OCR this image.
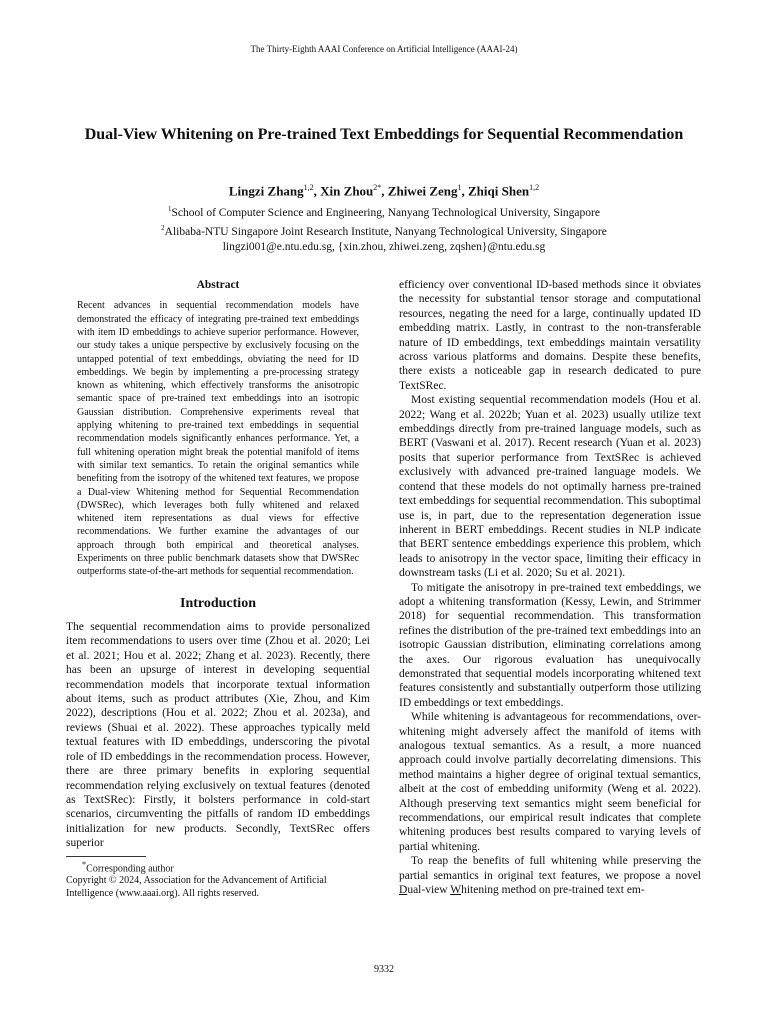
The Thirty-Eighth AAAI Conference on Artificial Intelligence (AAAI-24)
Dual-View Whitening on Pre-trained Text Embeddings for Sequential Recommendation

Lingzi Zhang$^{1,2}$, Xin Zhou$^{2*}$, Zhiwei Zeng$^1$, Zhiqi Shen$^{1,2}$

$^1$School of Computer Science and Engineering, Nanyang Technological University, Singapore
$^2$Alibaba-NTU Singapore Joint Research Institute, Nanyang Technological University, Singapore
lingzi001@e.ntu.edu.sg, {xin.zhou, zhiwei.zeng, zqshen}@ntu.edu.sg
Abstract

Recent advances in sequential recommendation models have demonstrated the efficacy of integrating pre-trained text embeddings with item ID embeddings to achieve superior performance. However, our study takes a unique perspective by exclusively focusing on the untapped potential of text embeddings, obviating the need for ID embeddings. We begin by implementing a pre-processing strategy known as whitening, which effectively transforms the anisotropic semantic space of pre-trained text embeddings into an isotropic Gaussian distribution. Comprehensive experiments reveal that applying whitening to pre-trained text embeddings in sequential recommendation models significantly enhances performance. Yet, a full whitening operation might break the potential manifold of items with similar text semantics. To retain the original semantics while benefiting from the isotropy of the whitened text features, we propose a Dual-view Whitening method for Sequential Recommendation (DWSRec), which leverages both fully whitened and relaxed whitened item representations as dual views for effective recommendations. We further examine the advantages of our approach through both empirical and theoretical analyses. Experiments on three public benchmark datasets show that DWSRec outperforms state-of-the-art methods for sequential recommendation.

Introduction

The sequential recommendation aims to provide personalized item recommendations to users over time (Zhou et al. 2020; Lei et al. 2021; Hou et al. 2022; Zhang et al. 2023). Recently, there has been an upsurge of interest in developing sequential recommendation models that incorporate textual information about items, such as product attributes (Xie, Zhou, and Kim 2022), descriptions (Hou et al. 2022; Zhou et al. 2023a), and reviews (Shuai et al. 2022). These approaches typically meld textual features with ID embeddings, underscoring the pivotal role of ID embeddings in the recommendation process. However, there are three primary benefits in exploring sequential recommendation relying exclusively on textual features (denoted as TextSRec): Firstly, it bolsters performance in cold-start scenarios, circumventing the pitfalls of random ID embeddings initialization for new products. Secondly, TextSRec offers superior

*Corresponding author

Copyright © 2024, Association for the Advancement of Artificial Intelligence (www.aaai.org). All rights reserved.

efficiency over conventional ID-based methods since it obviates the necessity for substantial tensor storage and computational resources, negating the need for a large, continually updated ID embedding matrix. Lastly, in contrast to the non-transferable nature of ID embeddings, text embeddings maintain versatility across various platforms and domains. Despite these benefits, there exists a noticeable gap in research dedicated to pure TextSRec.

Most existing sequential recommendation models (Hou et al. 2022; Wang et al. 2022b; Yuan et al. 2023) usually utilize text embeddings directly from pre-trained language models, such as BERT (Vaswani et al. 2017). Recent research (Yuan et al. 2023) posits that superior performance from TextSRec is achieved exclusively with advanced pre-trained language models. We contend that these models do not optimally harness pre-trained text embeddings for sequential recommendation. This suboptimal use is, in part, due to the representation degeneration issue inherent in BERT embeddings. Recent studies in NLP indicate that BERT sentence embeddings experience this problem, which leads to anisotropy in the vector space, limiting their efficacy in downstream tasks (Li et al. 2020; Su et al. 2021).

To mitigate the anisotropy in pre-trained text embeddings, we adopt a whitening transformation (Kessy, Lewin, and Strimmer 2018) for sequential recommendation. This transformation refines the distribution of the pre-trained text embeddings into an isotropic Gaussian distribution, eliminating correlations among the axes. Our rigorous evaluation has unequivocally demonstrated that sequential models incorporating whitened text features consistently and substantially outperform those utilizing ID embeddings or text embeddings.

While whitening is advantageous for recommendations, over-whitening might adversely affect the manifold of items with analogous textual semantics. As a result, a more nuanced approach could involve partially decorrelating dimensions. This method maintains a higher degree of original textual semantics, albeit at the cost of embedding uniformity (Weng et al. 2022). Although preserving text semantics might seem beneficial for recommendations, our empirical result indicates that complete whitening produces best results compared to varying levels of partial whitening.

To reap the benefits of full whitening while preserving the partial semantics in original text features, we propose a novel Dual-view Whitening method on pre-trained text em-

9332
